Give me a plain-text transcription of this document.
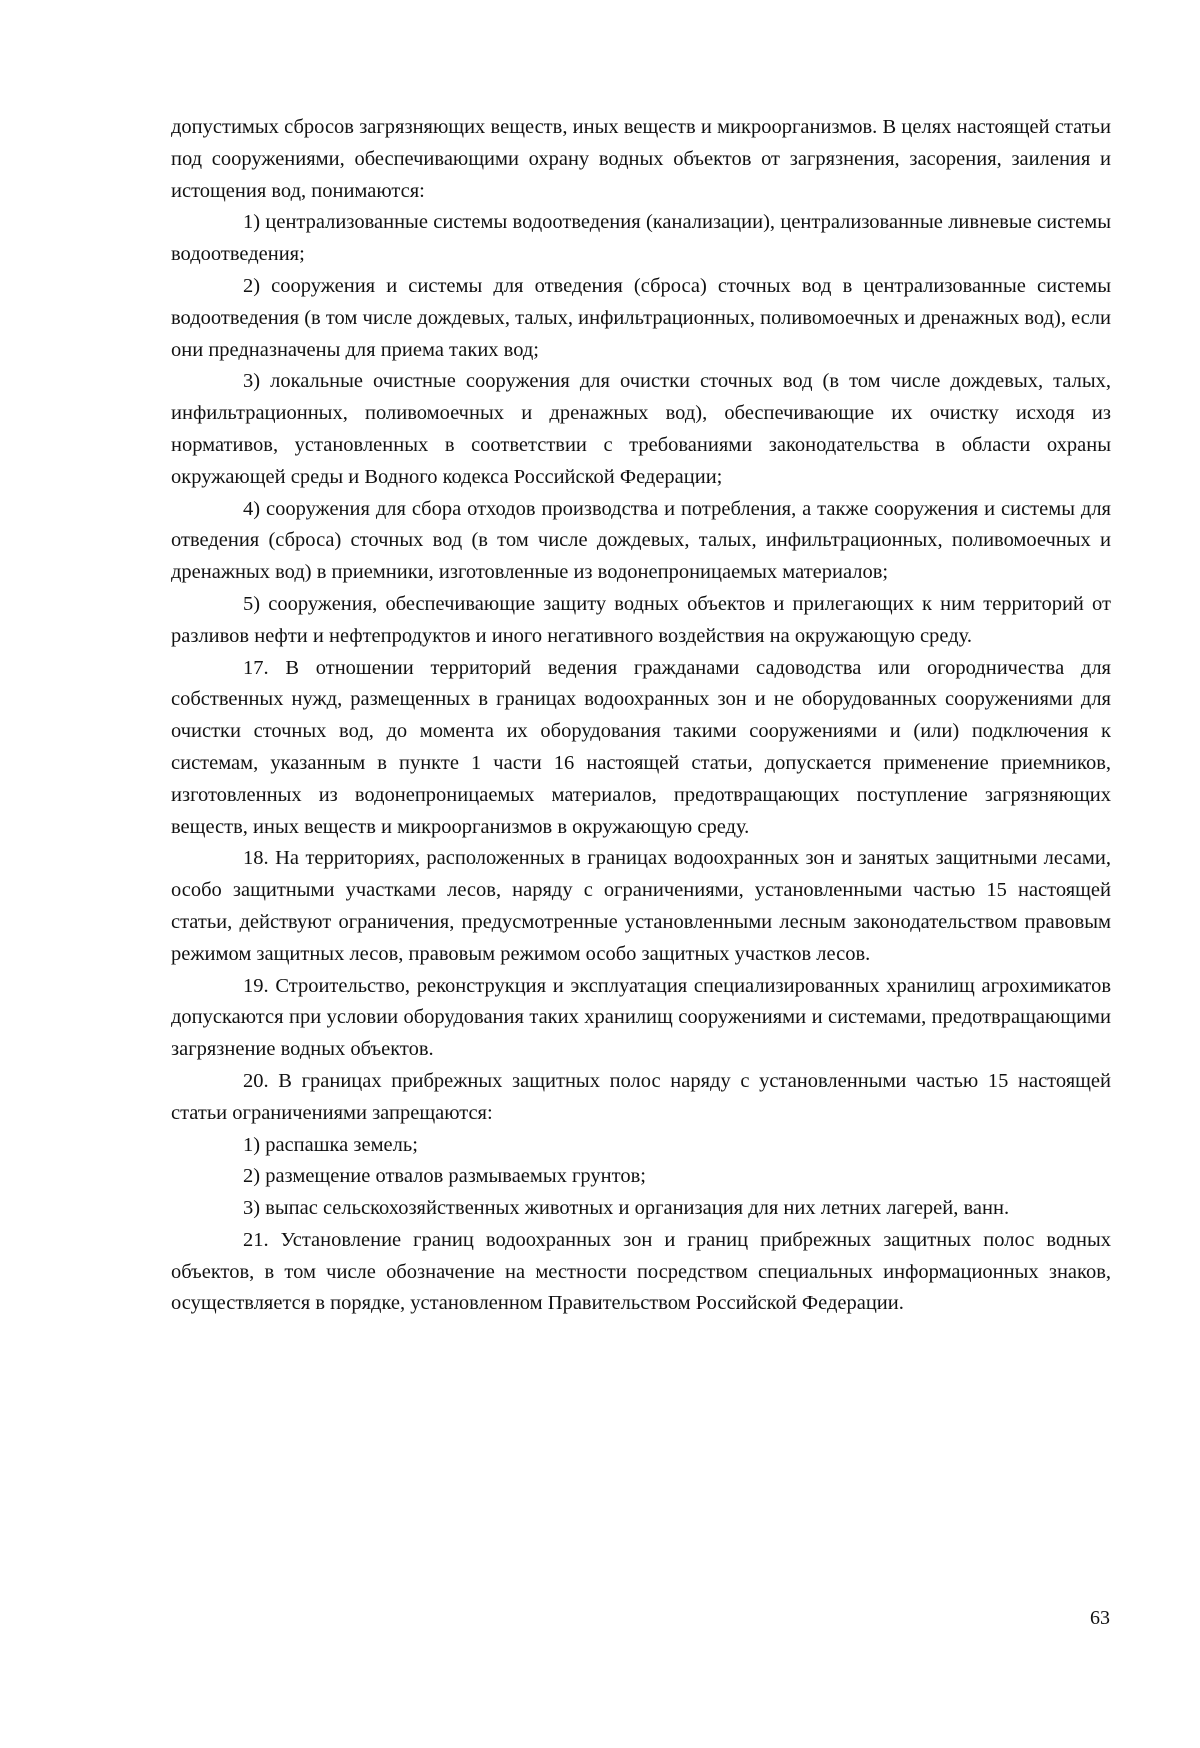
допустимых сбросов загрязняющих веществ, иных веществ и микроорганизмов. В целях настоящей статьи под сооружениями, обеспечивающими охрану водных объектов от загрязнения, засорения, заиления и истощения вод, понимаются:

1) централизованные системы водоотведения (канализации), централизованные ливневые системы водоотведения;

2) сооружения и системы для отведения (сброса) сточных вод в централизованные системы водоотведения (в том числе дождевых, талых, инфильтрационных, поливомоечных и дренажных вод), если они предназначены для приема таких вод;

3) локальные очистные сооружения для очистки сточных вод (в том числе дождевых, талых, инфильтрационных, поливомоечных и дренажных вод), обеспечивающие их очистку исходя из нормативов, установленных в соответствии с требованиями законодательства в области охраны окружающей среды и Водного кодекса Российской Федерации;

4) сооружения для сбора отходов производства и потребления, а также сооружения и системы для отведения (сброса) сточных вод (в том числе дождевых, талых, инфильтрационных, поливомоечных и дренажных вод) в приемники, изготовленные из водонепроницаемых материалов;

5) сооружения, обеспечивающие защиту водных объектов и прилегающих к ним территорий от разливов нефти и нефтепродуктов и иного негативного воздействия на окружающую среду.

17. В отношении территорий ведения гражданами садоводства или огородничества для собственных нужд, размещенных в границах водоохранных зон и не оборудованных сооружениями для очистки сточных вод, до момента их оборудования такими сооружениями и (или) подключения к системам, указанным в пункте 1 части 16 настоящей статьи, допускается применение приемников, изготовленных из водонепроницаемых материалов, предотвращающих поступление загрязняющих веществ, иных веществ и микроорганизмов в окружающую среду.

18. На территориях, расположенных в границах водоохранных зон и занятых защитными лесами, особо защитными участками лесов, наряду с ограничениями, установленными частью 15 настоящей статьи, действуют ограничения, предусмотренные установленными лесным законодательством правовым режимом защитных лесов, правовым режимом особо защитных участков лесов.

19. Строительство, реконструкция и эксплуатация специализированных хранилищ агрохимикатов допускаются при условии оборудования таких хранилищ сооружениями и системами, предотвращающими загрязнение водных объектов.

20. В границах прибрежных защитных полос наряду с установленными частью 15 настоящей статьи ограничениями запрещаются:

1) распашка земель;

2) размещение отвалов размываемых грунтов;

3) выпас сельскохозяйственных животных и организация для них летних лагерей, ванн.

21. Установление границ водоохранных зон и границ прибрежных защитных полос водных объектов, в том числе обозначение на местности посредством специальных информационных знаков, осуществляется в порядке, установленном Правительством Российской Федерации.

63
